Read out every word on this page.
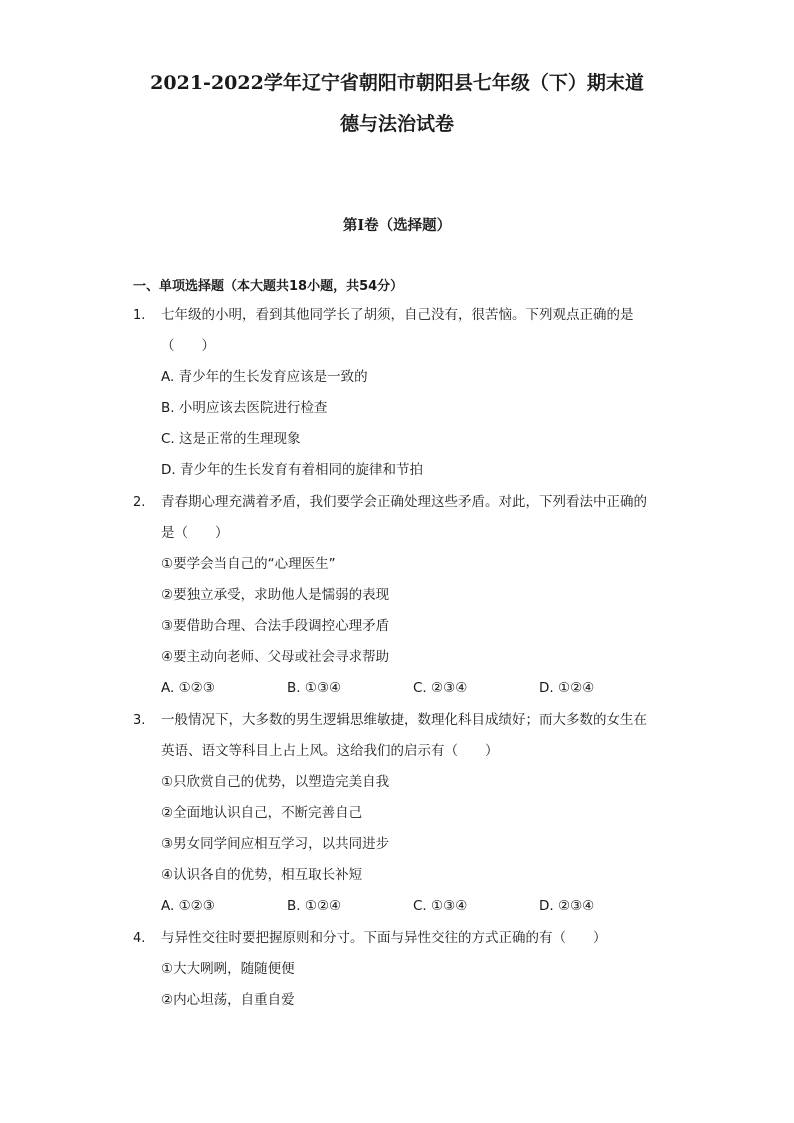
2021-2022学年辽宁省朝阳市朝阳县七年级（下）期末道
德与法治试卷
第I卷（选择题）
一、单项选择题（本大题共18小题，共54分）
1. 七年级的小明，看到其他同学长了胡须，自己没有，很苦恼。下列观点正确的是
（　　）
A. 青少年的生长发育应该是一致的
B. 小明应该去医院进行检查
C. 这是正常的生理现象
D. 青少年的生长发育有着相同的旋律和节拍
2. 青春期心理充满着矛盾，我们要学会正确处理这些矛盾。对此，下列看法中正确的
是（　　）
①要学会当自己的“心理医生”
②要独立承受，求助他人是懦弱的表现
③要借助合理、合法手段调控心理矛盾
④要主动向老师、父母或社会寻求帮助
A. ①②③	B. ①③④	C. ②③④	D. ①②④
3. 一般情况下，大多数的男生逻辑思维敏捷，数理化科目成绩好；而大多数的女生在
英语、语文等科目上占上风。这给我们的启示有（　　）
①只欣赏自己的优势，以塑造完美自我
②全面地认识自己，不断完善自己
③男女同学间应相互学习，以共同进步
④认识各自的优势，相互取长补短
A. ①②③	B. ①②④	C. ①③④	D. ②③④
4. 与异性交往时要把握原则和分寸。下面与异性交往的方式正确的有（　　）
①大大咧咧，随随便便
②内心坦荡，自重自爱
